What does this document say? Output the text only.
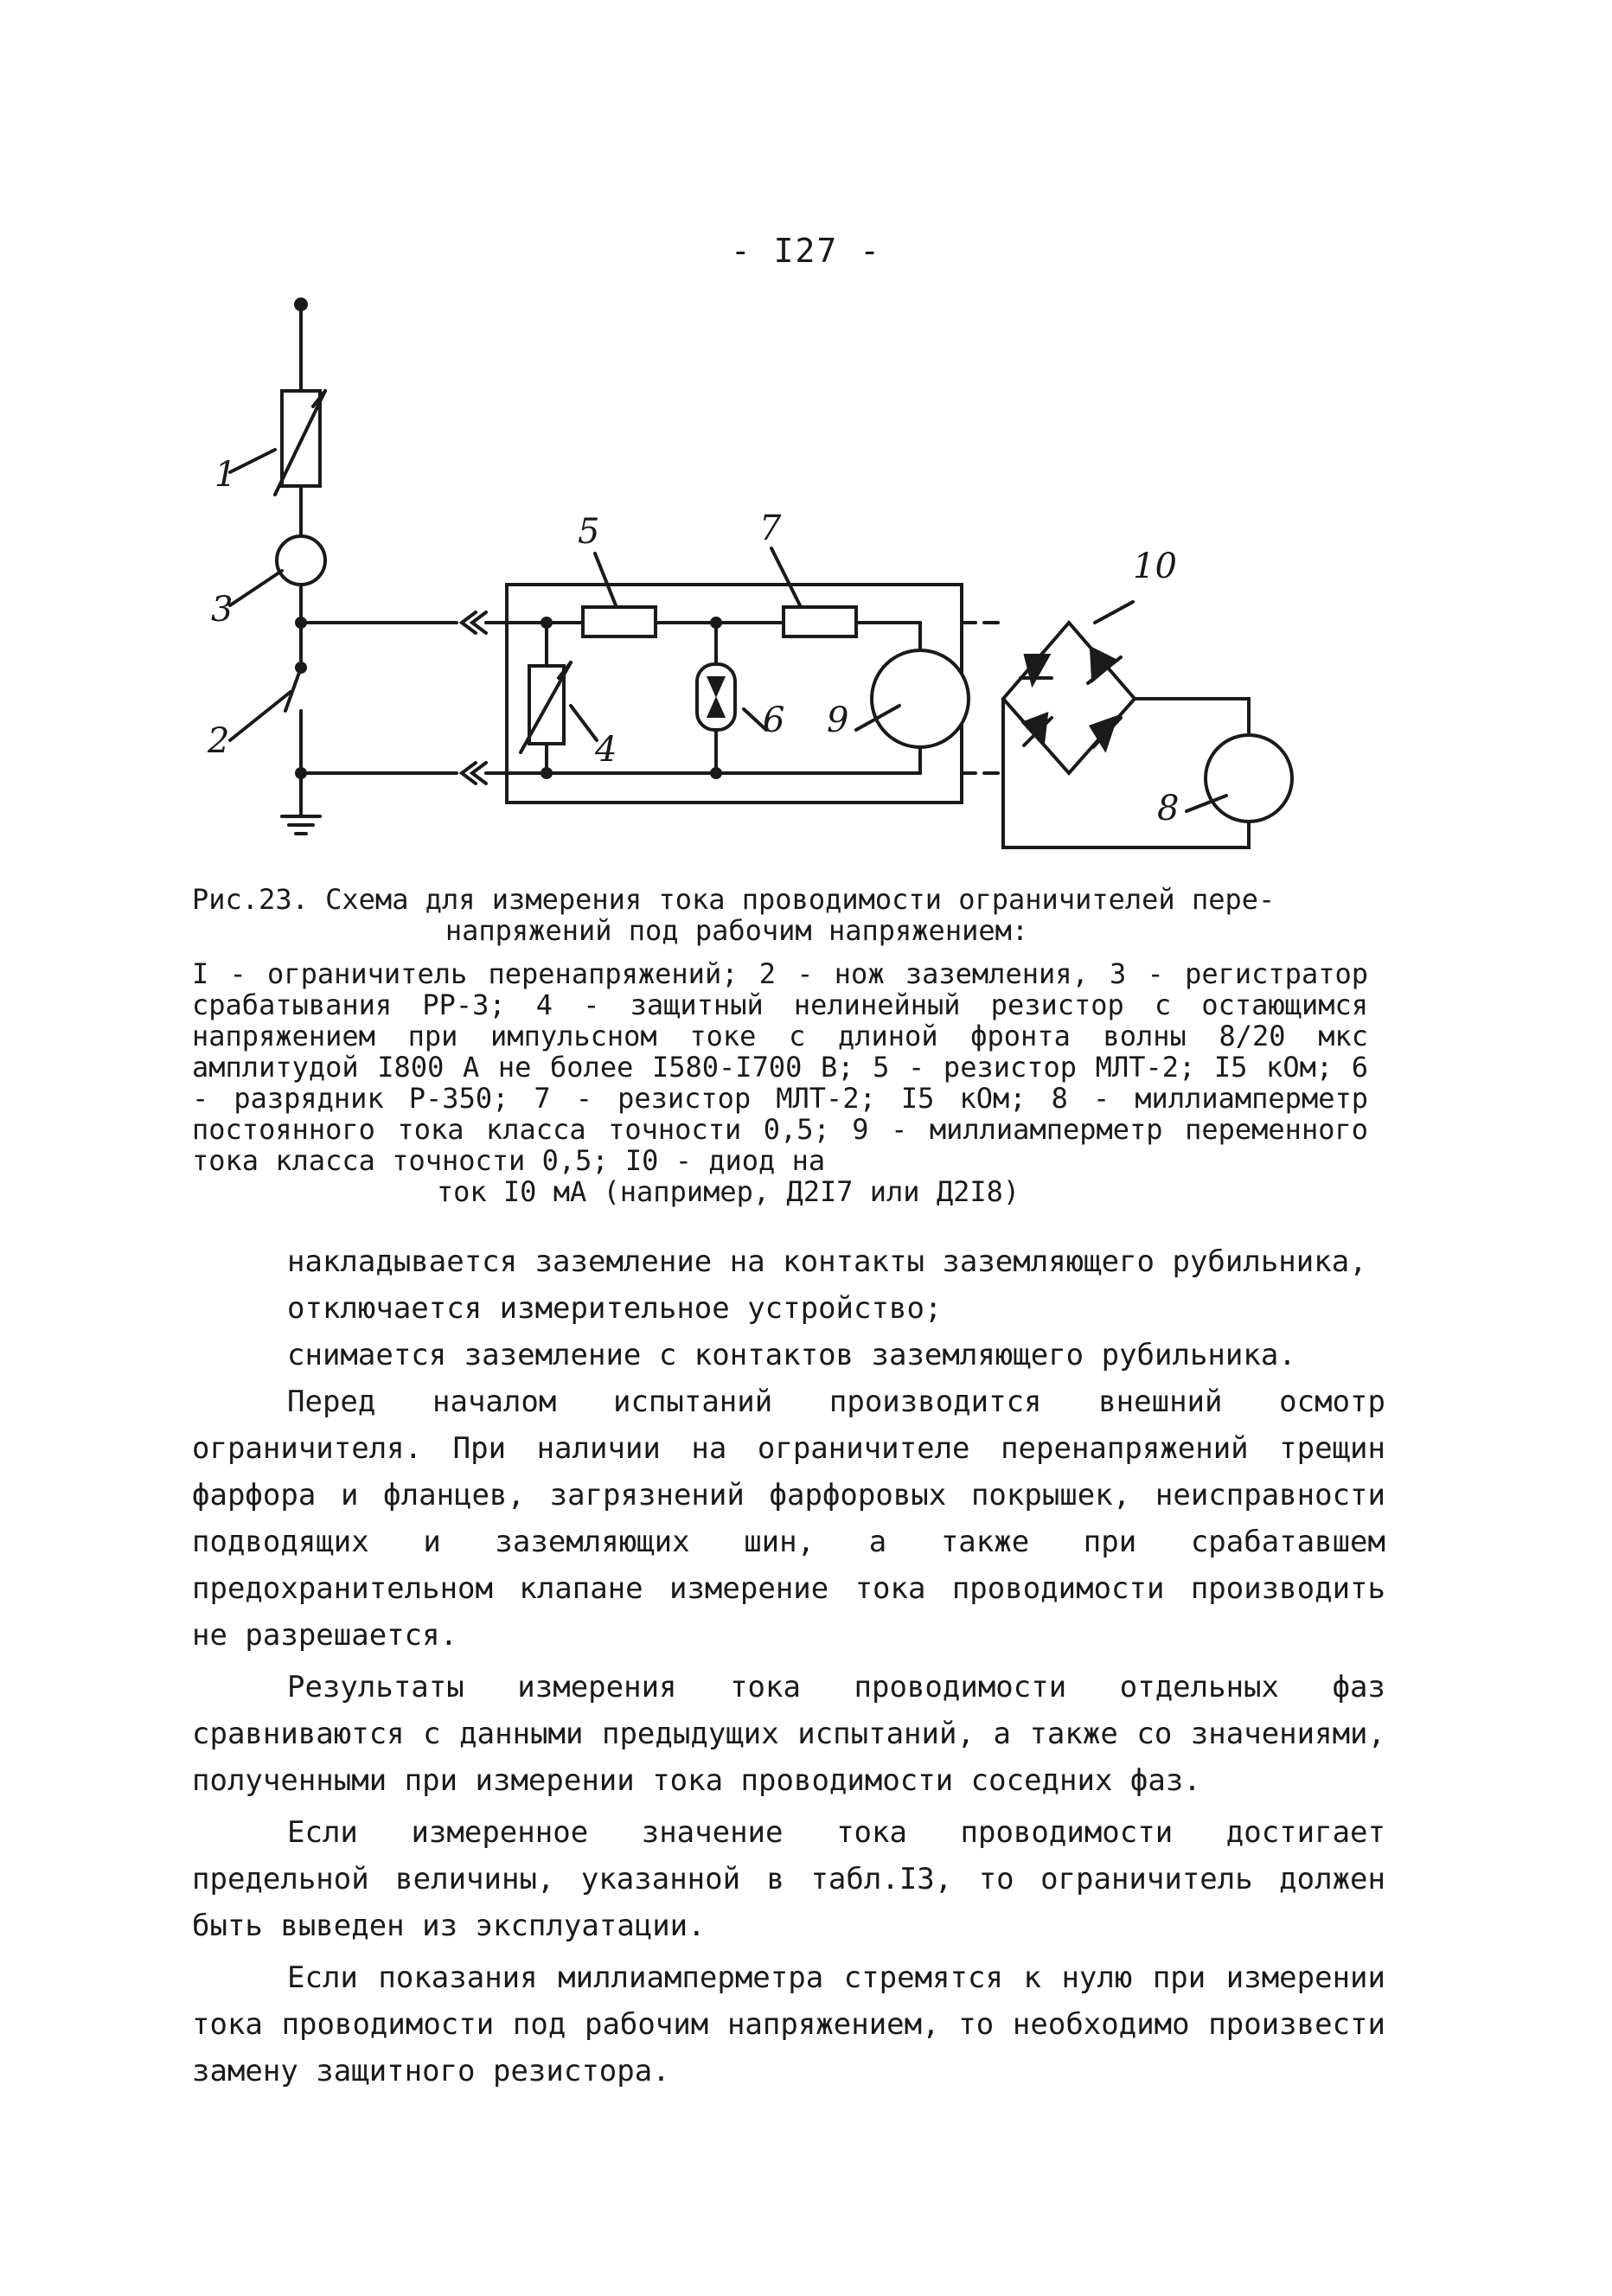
- I27 -
1
3
2
5	7
10
4
6 9
8
Рис.23. Схема для измерения тока проводимости ограничителей пере-
напряжений под рабочим напряжением:
I - ограничитель перенапряжений; 2 - нож заземления, 3 - регистратор срабатывания РР-3; 4 - защитный нелинейный резистор с остающимся напряжением при импульсном токе с длиной фронта волны 8/20 мкс амплитудой I800 А не более I580-I700 В; 5 - резистор МЛТ-2; I5 кОм; 6 - разрядник Р-350; 7 - резистор МЛТ-2; I5 кОм; 8 - миллиамперметр постоянного тока класса точности 0,5; 9 - миллиамперметр переменного тока класса точности 0,5; I0 - диод на
ток I0 мА (например, Д2I7 или Д2I8)

накладывается заземление на контакты заземляющего рубильника,

отключается измерительное устройство;

снимается заземление с контактов заземляющего рубильника.

Перед началом испытаний производится внешний осмотр ограничителя. При наличии на ограничителе перенапряжений трещин фарфора и фланцев, загрязнений фарфоровых покрышек, неисправности подводящих и заземляющих шин, а также при срабатавшем предохранительном клапане измерение тока проводимости производить не разрешается.

Результаты измерения тока проводимости отдельных фаз сравниваются с данными предыдущих испытаний, а также со значениями, полученными при измерении тока проводимости соседних фаз.

Если измеренное значение тока проводимости достигает предельной величины, указанной в табл.I3, то ограничитель должен быть выведен из эксплуатации.

Если показания миллиамперметра стремятся к нулю при измерении тока проводимости под рабочим напряжением, то необходимо произвести замену защитного резистора.
